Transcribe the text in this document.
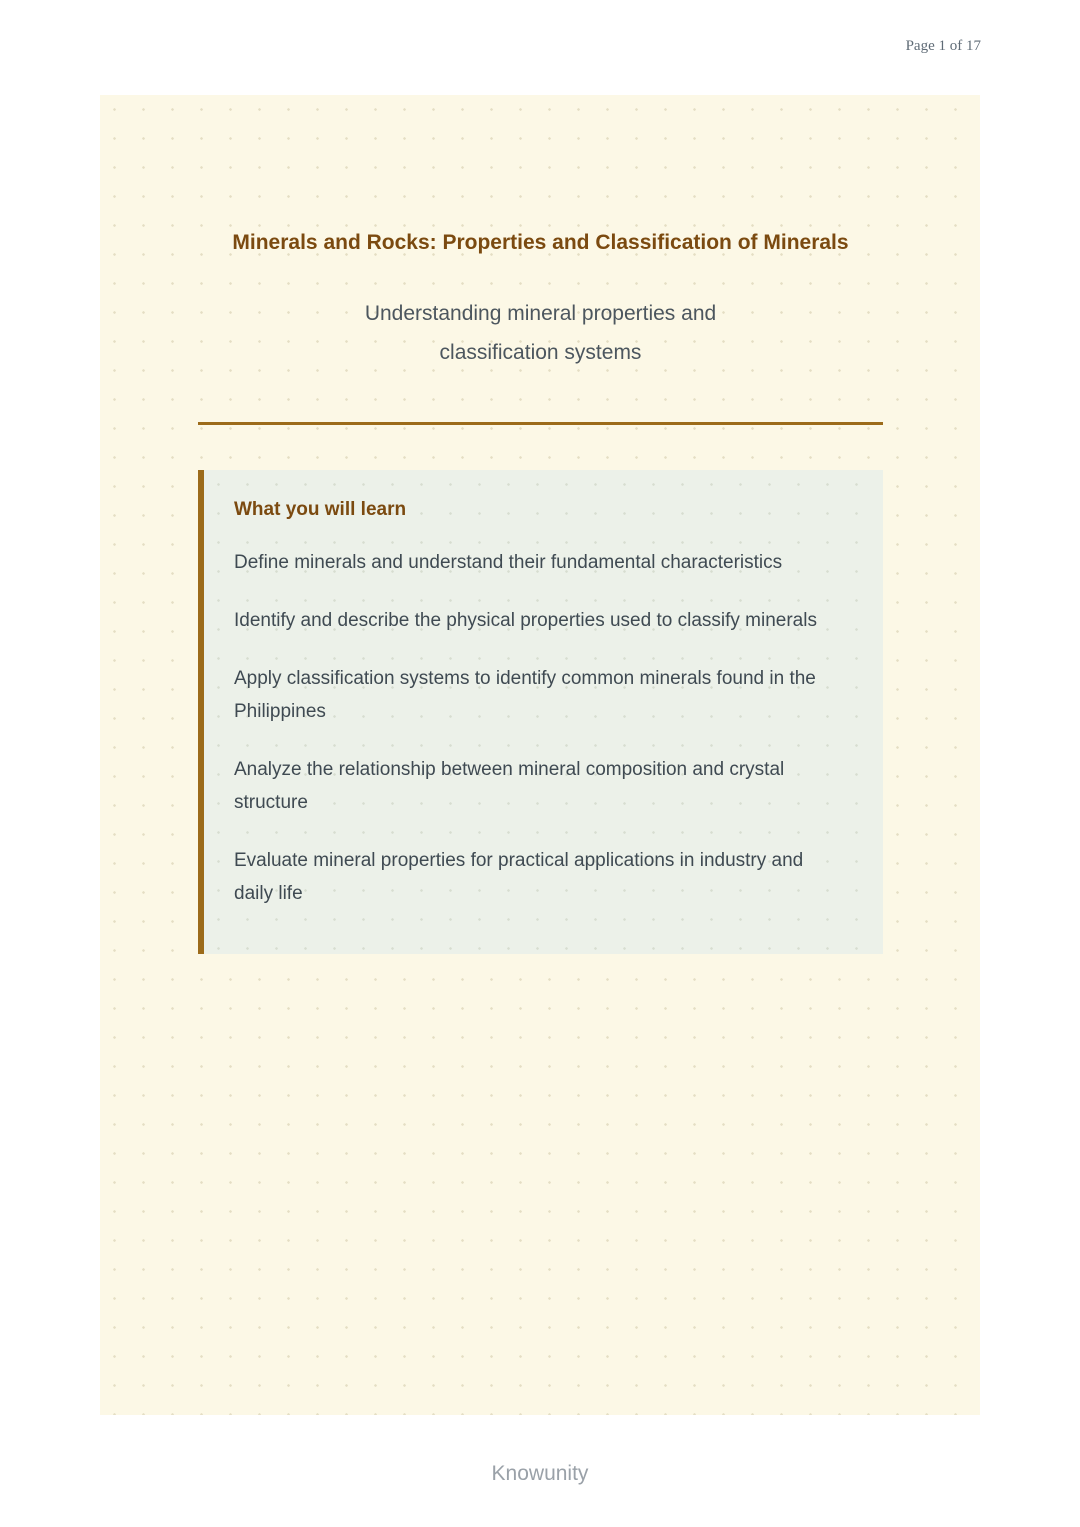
Page 1 of 17
Minerals and Rocks: Properties and Classification of Minerals
Understanding mineral properties and
classification systems
What you will learn

Define minerals and understand their fundamental characteristics

Identify and describe the physical properties used to classify minerals

Apply classification systems to identify common minerals found in the Philippines

Analyze the relationship between mineral composition and crystal structure

Evaluate mineral properties for practical applications in industry and daily life

Knowunity
